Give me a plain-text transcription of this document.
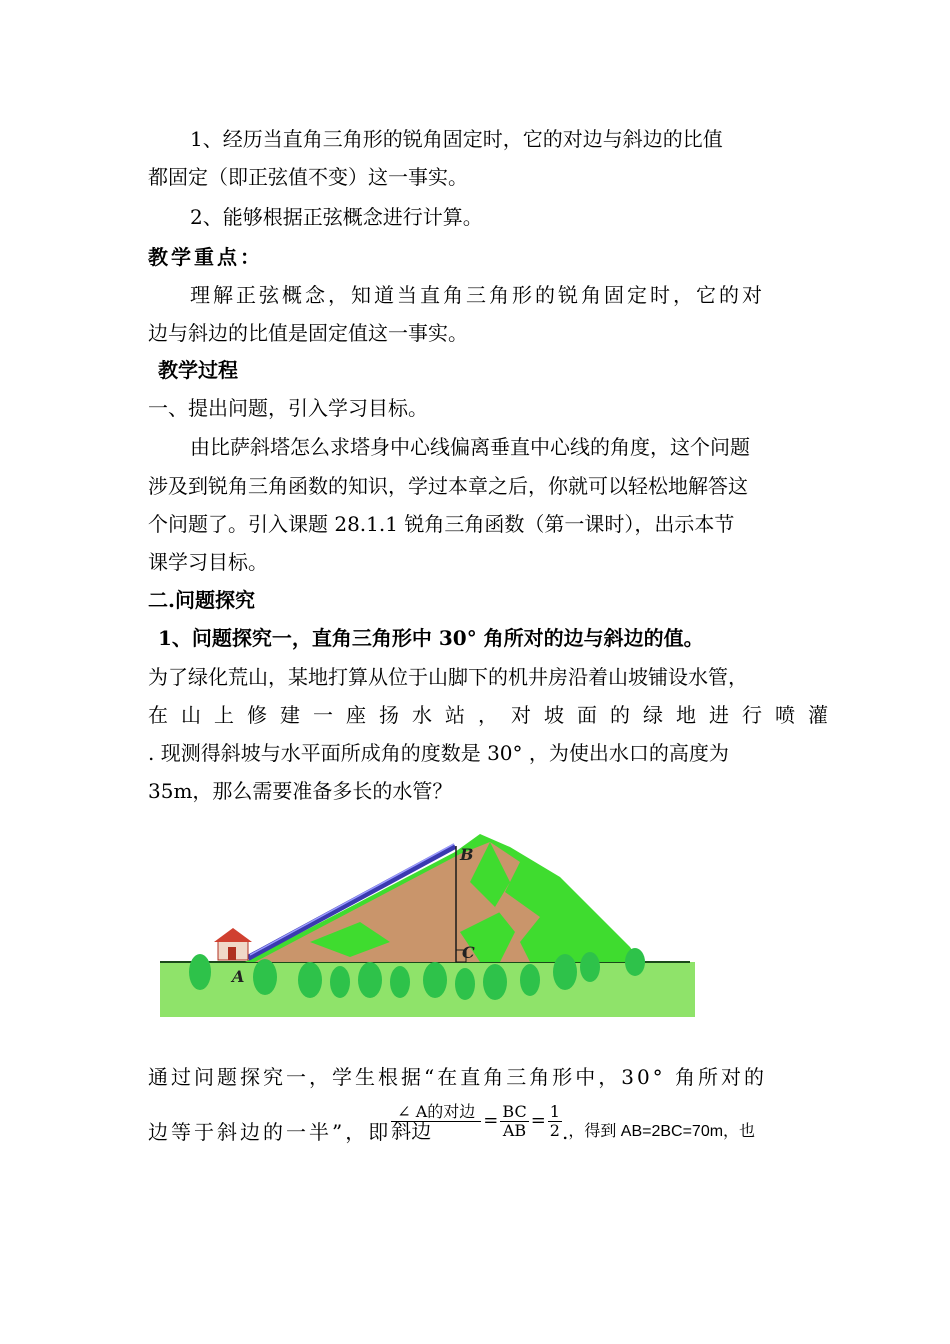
1、经历当直角三角形的锐角固定时，它的对边与斜边的比值
都固定（即正弦值不变）这一事实。
2、能够根据正弦概念进行计算。
教学重点：
理解正弦概念，知道当直角三角形的锐角固定时，它的对
边与斜边的比值是固定值这一事实。
教学过程
一、提出问题，引入学习目标。
由比萨斜塔怎么求塔身中心线偏离垂直中心线的角度，这个问题
涉及到锐角三角函数的知识，学过本章之后，你就可以轻松地解答这
个问题了。引入课题 28.1.1 锐角三角函数（第一课时），出示本节
课学习目标。
二.问题探究
1、问题探究一，直角三角形中 30° 角所对的边与斜边的值。
为了绿化荒山，某地打算从位于山脚下的机井房沿着山坡铺设水管，
在山上修建一座扬水站，对坡面的绿地进行喷灌
. 现测得斜坡与水平面所成角的度数是 30° ，为使出水口的高度为
35m，那么需要准备多长的水管？
A
B
C
通过问题探究一，学生根据“在直角三角形中，30° 角所对的
边等于斜边的一半”，即 $\frac{\text{∠ A的对边}}{\text{斜边}} = \frac{BC}{AB} = \frac{1}{2}$ . ，得到 AB=2BC=70m，也
